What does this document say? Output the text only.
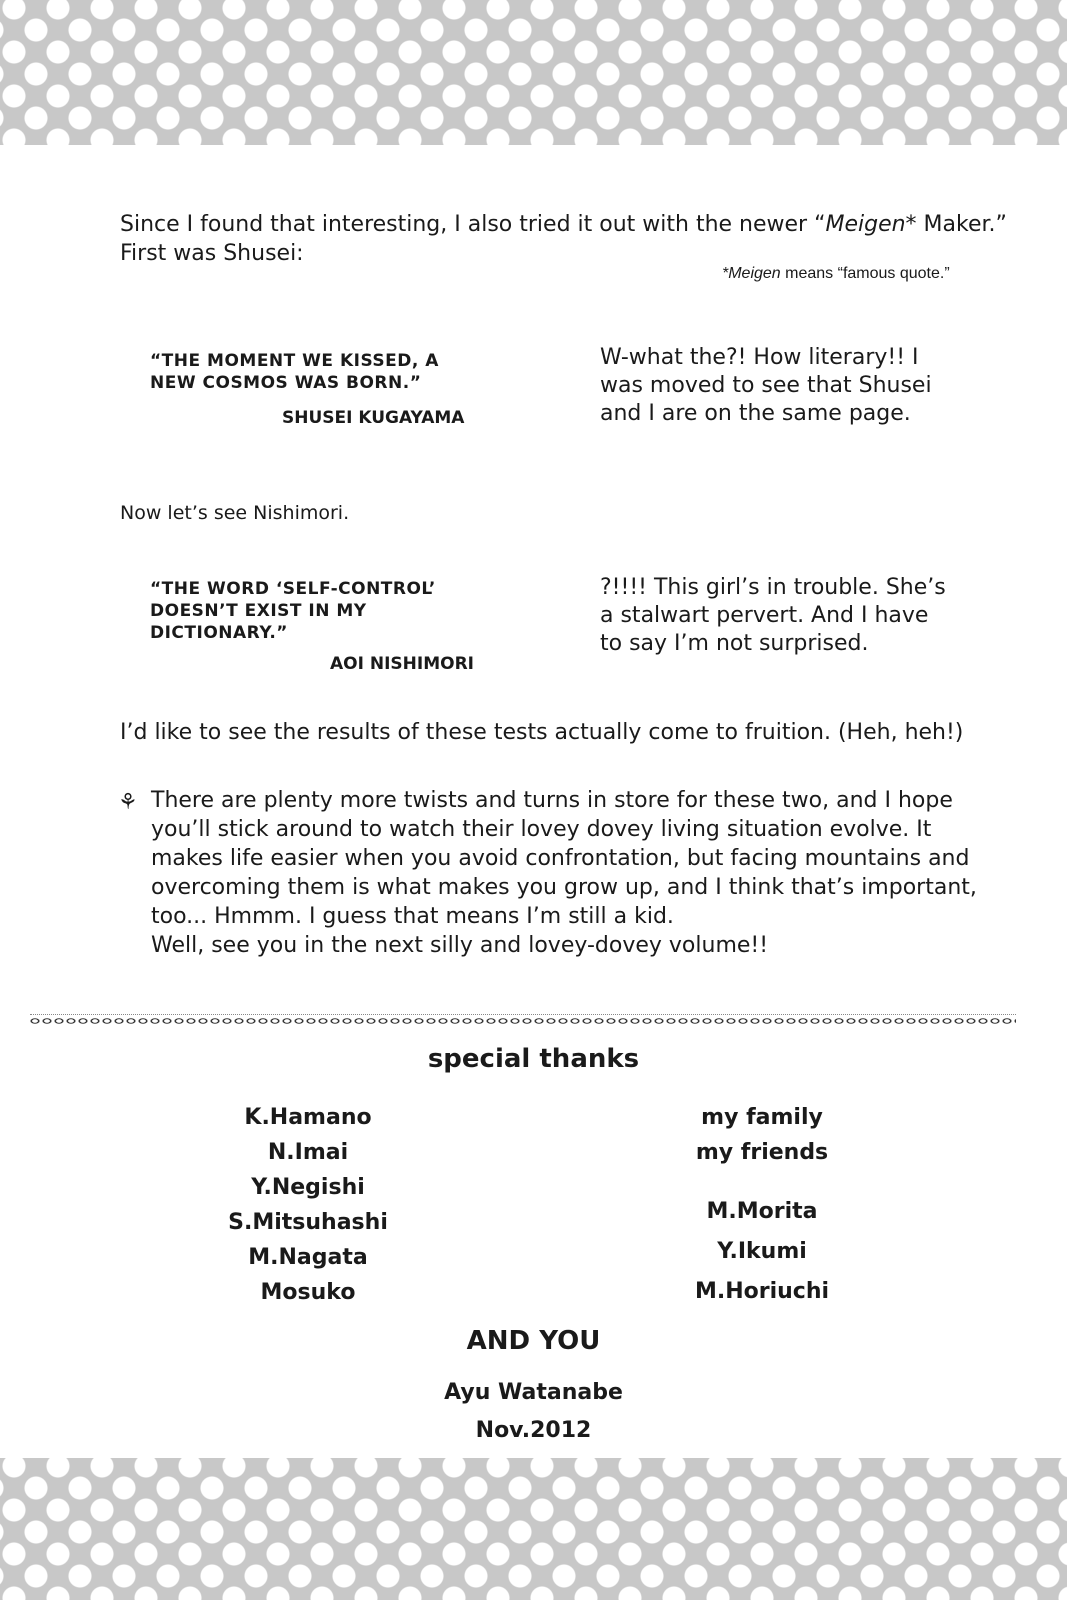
Since I found that interesting, I also tried it out with the newer “Meigen* Maker.”
First was Shusei:

*Meigen means “famous quote.”

“THE MOMENT WE KISSED, A
NEW COSMOS WAS BORN.”
SHUSEI KUGAYAMA
W-what the?! How literary!! I
was moved to see that Shusei
and I are on the same page.

Now let’s see Nishimori.

“THE WORD ‘SELF-CONTROL’
DOESN’T EXIST IN MY
DICTIONARY.”
AOI NISHIMORI
?!!!! This girl’s in trouble. She’s
a stalwart pervert. And I have
to say I’m not surprised.

I’d like to see the results of these tests actually come to fruition. (Heh, heh!)

⚘ There are plenty more twists and turns in store for these two, and I hope
you’ll stick around to watch their lovey dovey living situation evolve. It
makes life easier when you avoid confrontation, but facing mountains and
overcoming them is what makes you grow up, and I think that’s important,
too... Hmmm. I guess that means I’m still a kid.
Well, see you in the next silly and lovey-dovey volume!!
special thanks
K.Hamano
N.Imai
Y.Negishi
S.Mitsuhashi
M.Nagata
Mosuko
my family
my friends
M.Morita
Y.Ikumi
M.Horiuchi
AND YOU
Ayu Watanabe
Nov.2012
